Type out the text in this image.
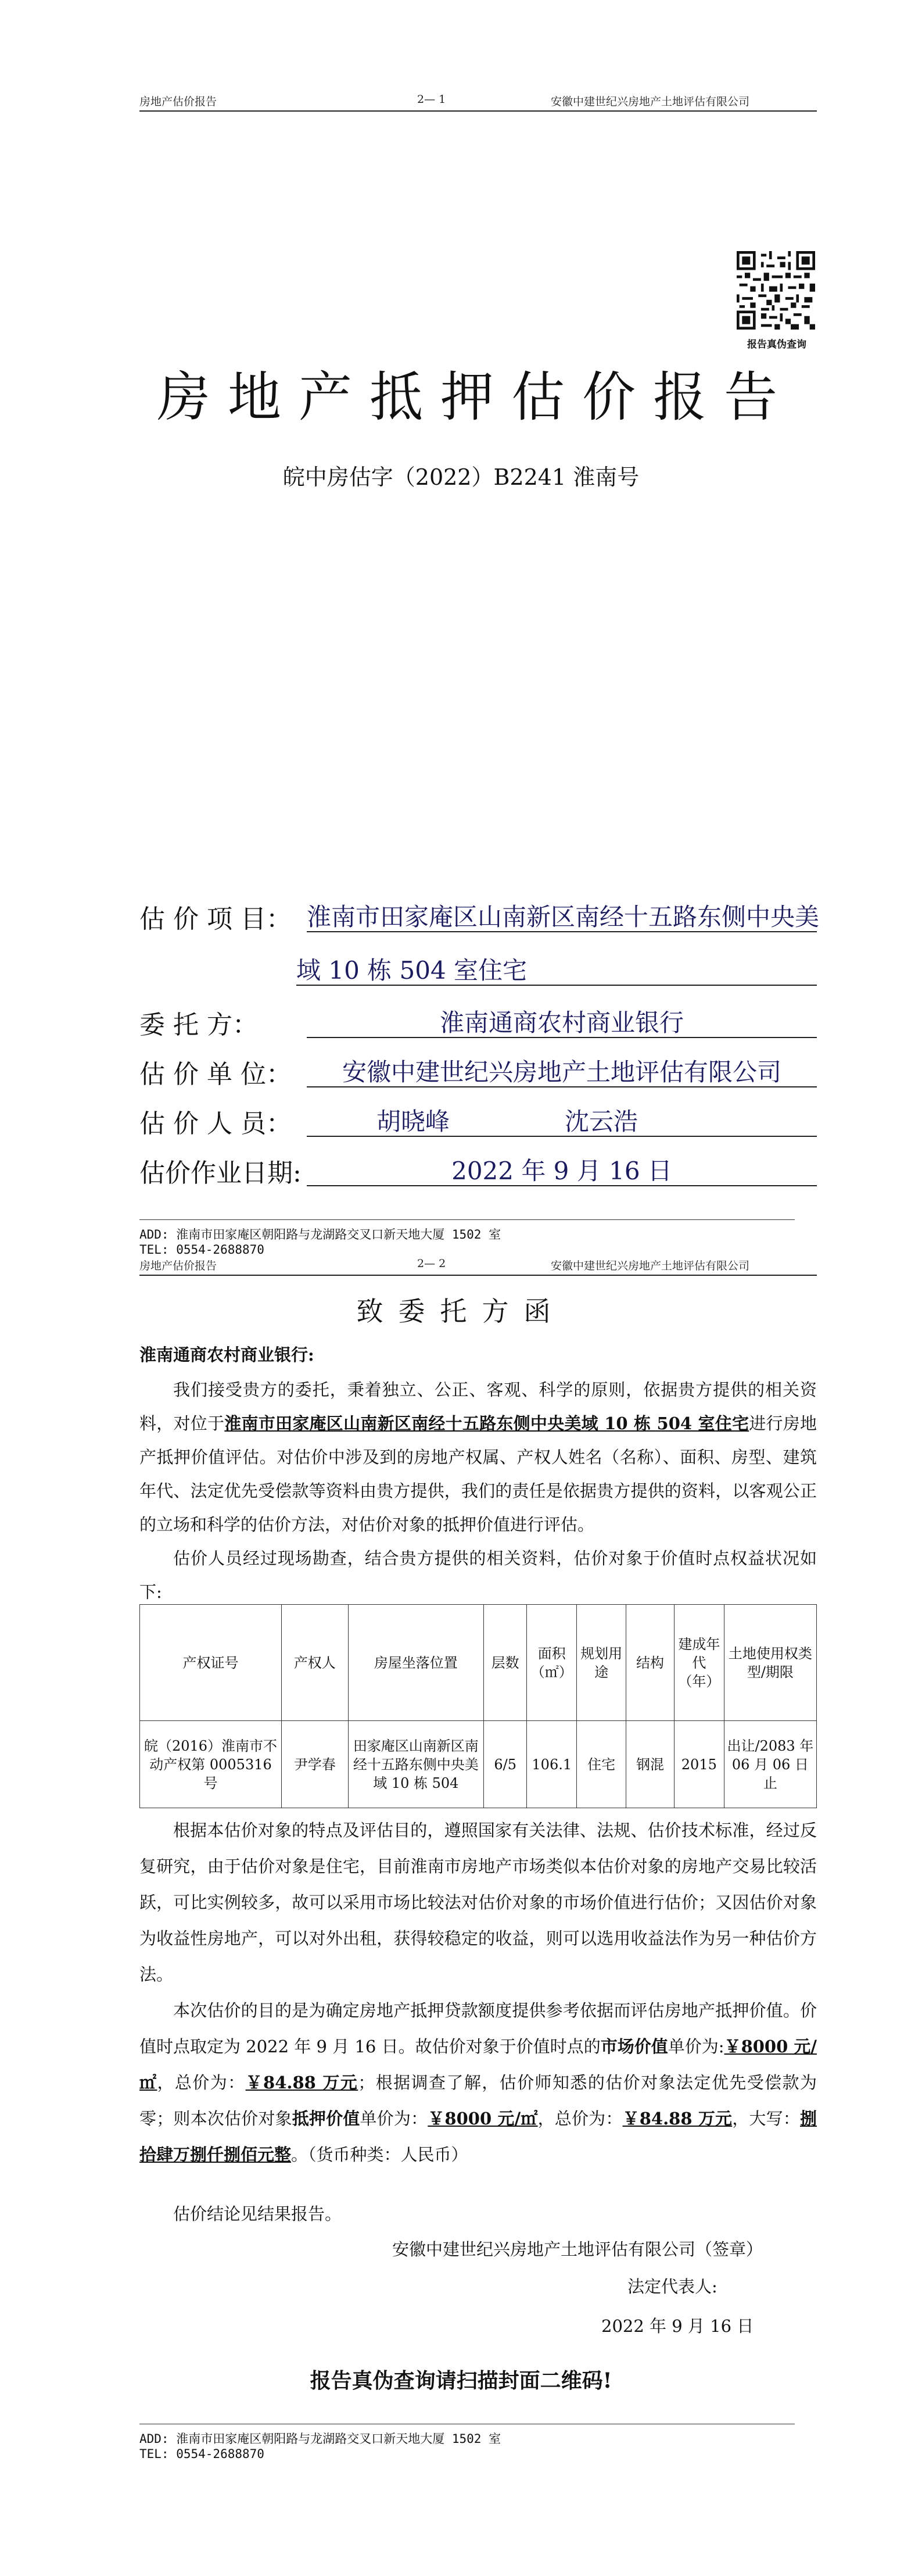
房地产估价报告	2— 1	安徽中建世纪兴房地产土地评估有限公司
报告真伪查询
房地产抵押估价报告
皖中房估字（2022）B2241 淮南号
估 价 项 目： 淮南市田家庵区山南新区南经十五路东侧中央美
域 10 栋 504 室住宅
委 托 方：	淮南通商农村商业银行
估 价 单 位：	安徽中建世纪兴房地产土地评估有限公司
估 价 人 员：	胡晓峰	沈云浩
估价作业日期:	2022 年 9 月 16 日
ADD: 淮南市田家庵区朝阳路与龙湖路交叉口新天地大厦 1502 室
TEL: 0554-2688870
房地产估价报告	2— 2	安徽中建世纪兴房地产土地评估有限公司
致委托方函
淮南通商农村商业银行:
我们接受贵方的委托，秉着独立、公正、客观、科学的原则，依据贵方提供的相关资料，对位于淮南市田家庵区山南新区南经十五路东侧中央美域 10 栋 504 室住宅进行房地产抵押价值评估。对估价中涉及到的房地产权属、产权人姓名（名称）、面积、房型、建筑年代、法定优先受偿款等资料由贵方提供，我们的责任是依据贵方提供的资料，以客观公正的立场和科学的估价方法，对估价对象的抵押价值进行评估。
估价人员经过现场勘查，结合贵方提供的相关资料，估价对象于价值时点权益状况如下:
产权证号	产权人	房屋坐落位置	层数	面积（㎡）	规划用途	结构	建成年代（年）	土地使用权类型/期限
皖（2016）淮南市不动产权第 0005316 号	尹学春	田家庵区山南新区南经十五路东侧中央美域 10 栋 504	6/5	106.1	住宅	钢混	2015	出让/2083 年 06 月 06 日止
根据本估价对象的特点及评估目的，遵照国家有关法律、法规、估价技术标准，经过反复研究，由于估价对象是住宅，目前淮南市房地产市场类似本估价对象的房地产交易比较活跃，可比实例较多，故可以采用市场比较法对估价对象的市场价值进行估价；又因估价对象为收益性房地产，可以对外出租，获得较稳定的收益，则可以选用收益法作为另一种估价方法。
本次估价的目的是为确定房地产抵押贷款额度提供参考依据而评估房地产抵押价值。价值时点取定为 2022 年 9 月 16 日。故估价对象于价值时点的市场价值单价为:￥8000 元/㎡，总价为：￥84.88 万元；根据调查了解，估价师知悉的估价对象法定优先受偿款为零；则本次估价对象抵押价值单价为：￥8000 元/㎡，总价为：￥84.88 万元，大写：捌拾肆万捌仟捌佰元整。（货币种类：人民币）
估价结论见结果报告。
安徽中建世纪兴房地产土地评估有限公司（签章）
法定代表人:
2022 年 9 月 16 日
报告真伪查询请扫描封面二维码!
ADD: 淮南市田家庵区朝阳路与龙湖路交叉口新天地大厦 1502 室
TEL: 0554-2688870
